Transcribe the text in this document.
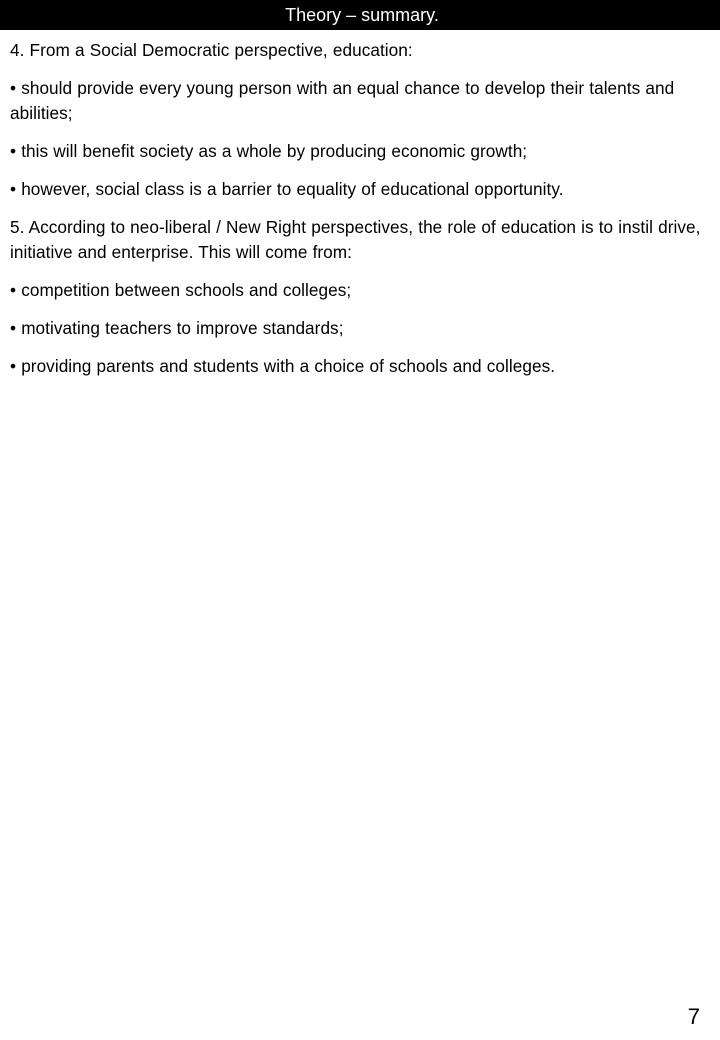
Theory – summary.

4. From a Social Democratic perspective, education:

• should provide every young person with an equal chance to develop their talents and abilities;

• this will benefit society as a whole by producing economic growth;

• however, social class is a barrier to equality of educational opportunity.

5. According to neo-liberal / New Right perspectives, the role of education is to instil drive, initiative and enterprise. This will come from:

• competition between schools and colleges;

• motivating teachers to improve standards;

• providing parents and students with a choice of schools and colleges.

7
